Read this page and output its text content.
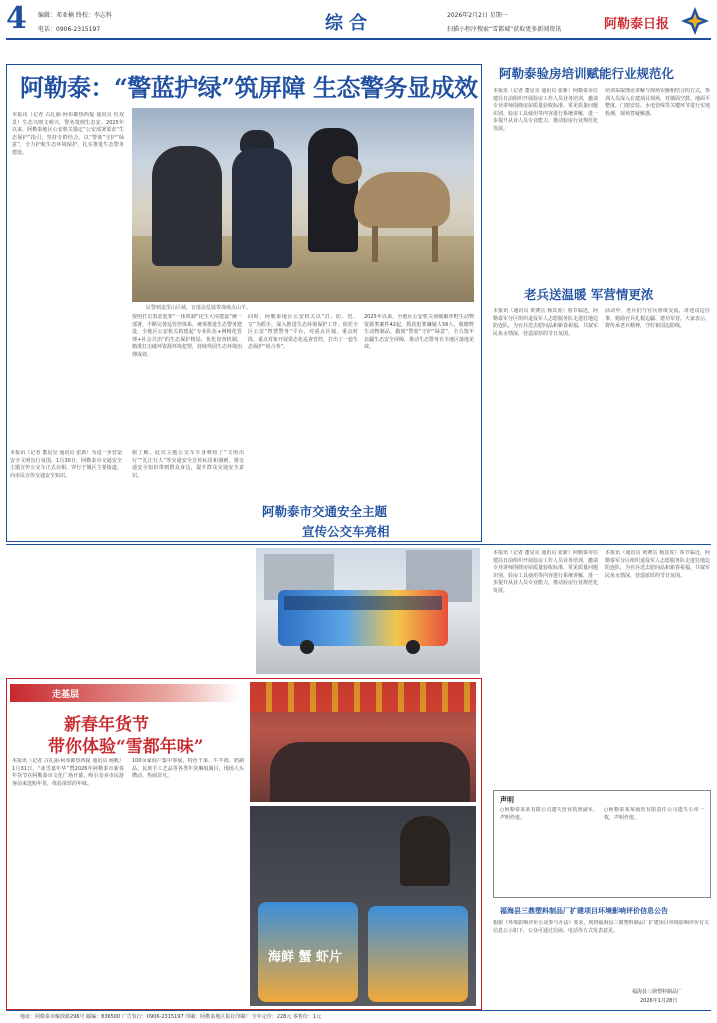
4 编辑：邓亚楠 终校：李志科
电话：0906-2315197	综合	2026年2月2日 星期一
扫描小程序搜索“雪都城”获取更多新闻资讯	阿勒泰日报
阿勒泰：“警蓝护绿”筑屏障 生态警务显成效
本报讯（记者 古扎丽·阿布都热西提 通讯员 杜双景）生态兴则文明兴，警务筑则生态安。2025年以来，阿勒泰地区公安机关锚定“公安部署要求“生态保护”指引，坚持专群结合、以“警蓝”守护“绿意”，全力护航生态环境保护，扎实推进生态警务建设。
民警到麦里山区域，盲落杂乱镜带战啮点山羊。
按照打击黑恶犯罪“一体机制“化生大岗建设”统一部署，不断完善巡管控体系，统筹推进生态警务建设，全地区公安机关构建起“专业队伍+网格化管理+社会共治”的生态保护格局，优化盘查机制，精准打击破坏资源环境犯罪，持续巩固生态环境治理成效。
同时，阿勒泰地区公安机关以“打、防、管、宣”为抓手，深入推进生态环境保护工作。依托全区公安“智慧警务”平台，对重点区域、重点时段、重点对象开展常态化巡查管控，打出了一套生态保护“组合拳”。
2025年以来，全地区公安机关侦破破坏野生动物资源类案件42起，抓获犯罪嫌疑人56人，收缴野生动物制品，做到“警蓝”守护“绿意”，全力筑牢北疆生态安全屏障，推动生态警务在全地区落地见效。
阿勒泰验房培训赋能行业规范化
本报讯（记者 董星亮 通讯员 张新）阿勒泰市住建局日前组织开展验房工作人员业务培训，邀请专业讲师围绕房屋质量验收标准、常见质量问题识别、验房工具使用等内容进行系统讲解，进一步提升从业人员专业能力，推动验房行业规范化发展。
培训采取理论讲解与现场实操相结合的方式，参训人员深入在建项目现场，对墙面空鼓、地面平整度、门窗安装、水电管线等关键环节进行实地检测，现场答疑解惑。
老兵送温暖 军营情更浓
本报讯（通讯员 黄赛岳 杨其虎）春节临近，阿勒泰军分区组织退役军人志愿服务队走进驻地边防连队，为官兵送去慰问品和新春祝福，共叙军民鱼水情深，营造浓厚的节日氛围。
活动中，老兵们与官兵座谈交流，讲述戍边往事，勉励官兵扎根边疆、建功军营。大家表示，将传承老兵精神，守好祖国边防线。
本报讯（记者 董星亮 通讯员 张新）为进一步营造安全文明出行氛围，1月30日，阿勒泰市交通安全主题宣传公交车正式亮相，穿行于城区主要街道，向市民宣传交通安全知识。
据了解，此次主题公交车车身喷绘了“文明出行”“礼让行人”等交通安全宣传标语和漫画，将交通安全知识带到群众身边，提升群众交通安全意识。
阿勒泰市交通安全主题
宣传公交车亮相
本报讯（记者 董星亮 通讯员 张新）阿勒泰市住建局日前组织开展验房工作人员业务培训，邀请专业讲师围绕房屋质量验收标准、常见质量问题识别、验房工具使用等内容进行系统讲解，进一步提升从业人员专业能力，推动验房行业规范化发展。
本报讯（通讯员 黄赛岳 杨其虎）春节临近，阿勒泰军分区组织退役军人志愿服务队走进驻地边防连队，为官兵送去慰问品和新春祝福，共叙军民鱼水情深，营造浓厚的节日氛围。
走基层
新春年货节
带你体验“雪都年味”
本报讯（记者 古扎丽·阿布都热西提 通讯员 杨帆）1月31日，“冰雪嘉年华”暨2026年阿勒泰市新春年货节在阿勒泰市文化广场开幕，吸引众多市民游客前来选购年货，体验浓厚的年味。
100余家商户集中参展，特色干果、牛羊肉、奶制品、民族手工艺品等各类年货琳琅满目，现场人头攒动、热闹非凡。
海鲜 蟹 虾片
声明
○阿勒泰某某有限公司遗失营业执照副本，声明作废。
○阿勒泰某某商贸有限责任公司遗失公章一枚，声明作废。
福海县三鼎塑料制品厂扩建项目环境影响评价信息公告
根据《环境影响评价公众参与办法》要求，现将福海县三鼎塑料制品厂扩建项目环境影响评价有关信息公示如下，公众可通过信函、电话等方式发表意见。
福海县三鼎塑料制品厂
2026年1月28日
地址：阿勒泰市解放路296号 邮编：836500 广告发行：0906-2315197 印刷：阿勒泰地区报社印刷厂 全年定价：228元 零售价：1元
